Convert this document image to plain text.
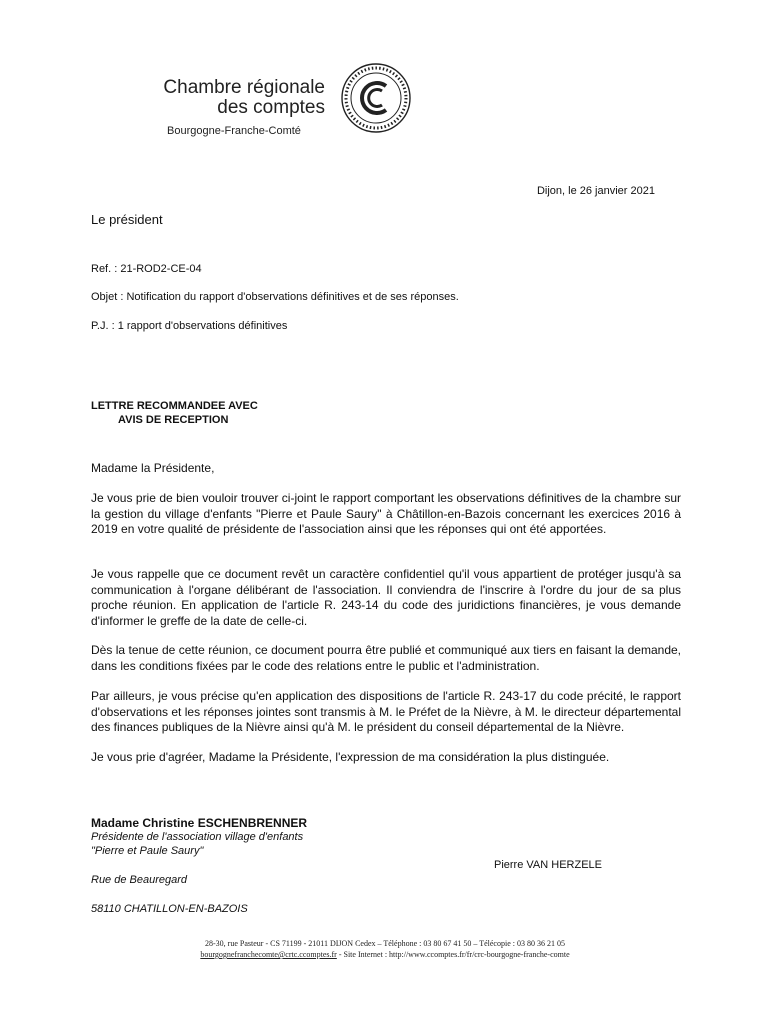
Chambre régionale
des comptes
Bourgogne-Franche-Comté
Dijon, le 26 janvier 2021
Le président
Ref. : 21-ROD2-CE-04
Objet : Notification du rapport d'observations définitives et de ses réponses.
P.J. : 1 rapport d'observations définitives
LETTRE RECOMMANDEE AVEC
AVIS DE RECEPTION
Madame la Présidente,
Je vous prie de bien vouloir trouver ci-joint le rapport comportant les observations définitives de la chambre sur la gestion du village d'enfants "Pierre et Paule Saury" à Châtillon-en-Bazois concernant les exercices 2016 à 2019 en votre qualité de présidente de l'association ainsi que les réponses qui ont été apportées.
Je vous rappelle que ce document revêt un caractère confidentiel qu'il vous appartient de protéger jusqu'à sa communication à l'organe délibérant de l'association. Il conviendra de l'inscrire à l'ordre du jour de sa plus proche réunion. En application de l'article R. 243-14 du code des juridictions financières, je vous demande d'informer le greffe de la date de celle-ci.
Dès la tenue de cette réunion, ce document pourra être publié et communiqué aux tiers en faisant la demande, dans les conditions fixées par le code des relations entre le public et l'administration.
Par ailleurs, je vous précise qu'en application des dispositions de l'article R. 243-17 du code précité, le rapport d'observations et les réponses jointes sont transmis à M. le Préfet de la Nièvre, à M. le directeur départemental des finances publiques de la Nièvre ainsi qu'à M. le président du conseil départemental de la Nièvre.
Je vous prie d'agréer, Madame la Présidente, l'expression de ma considération la plus distinguée.
Madame Christine ESCHENBRENNER
Présidente de l'association village d'enfants
"Pierre et Paule Saury"
Rue de Beauregard
58110 CHATILLON-EN-BAZOIS
Pierre VAN HERZELE
28-30, rue Pasteur - CS 71199 - 21011 DIJON Cedex – Téléphone : 03 80 67 41 50 – Télécopie : 03 80 36 21 05
bourgognefranchecomte@crtc.ccomptes.fr - Site Internet : http://www.ccomptes.fr/fr/crc-bourgogne-franche-comte
